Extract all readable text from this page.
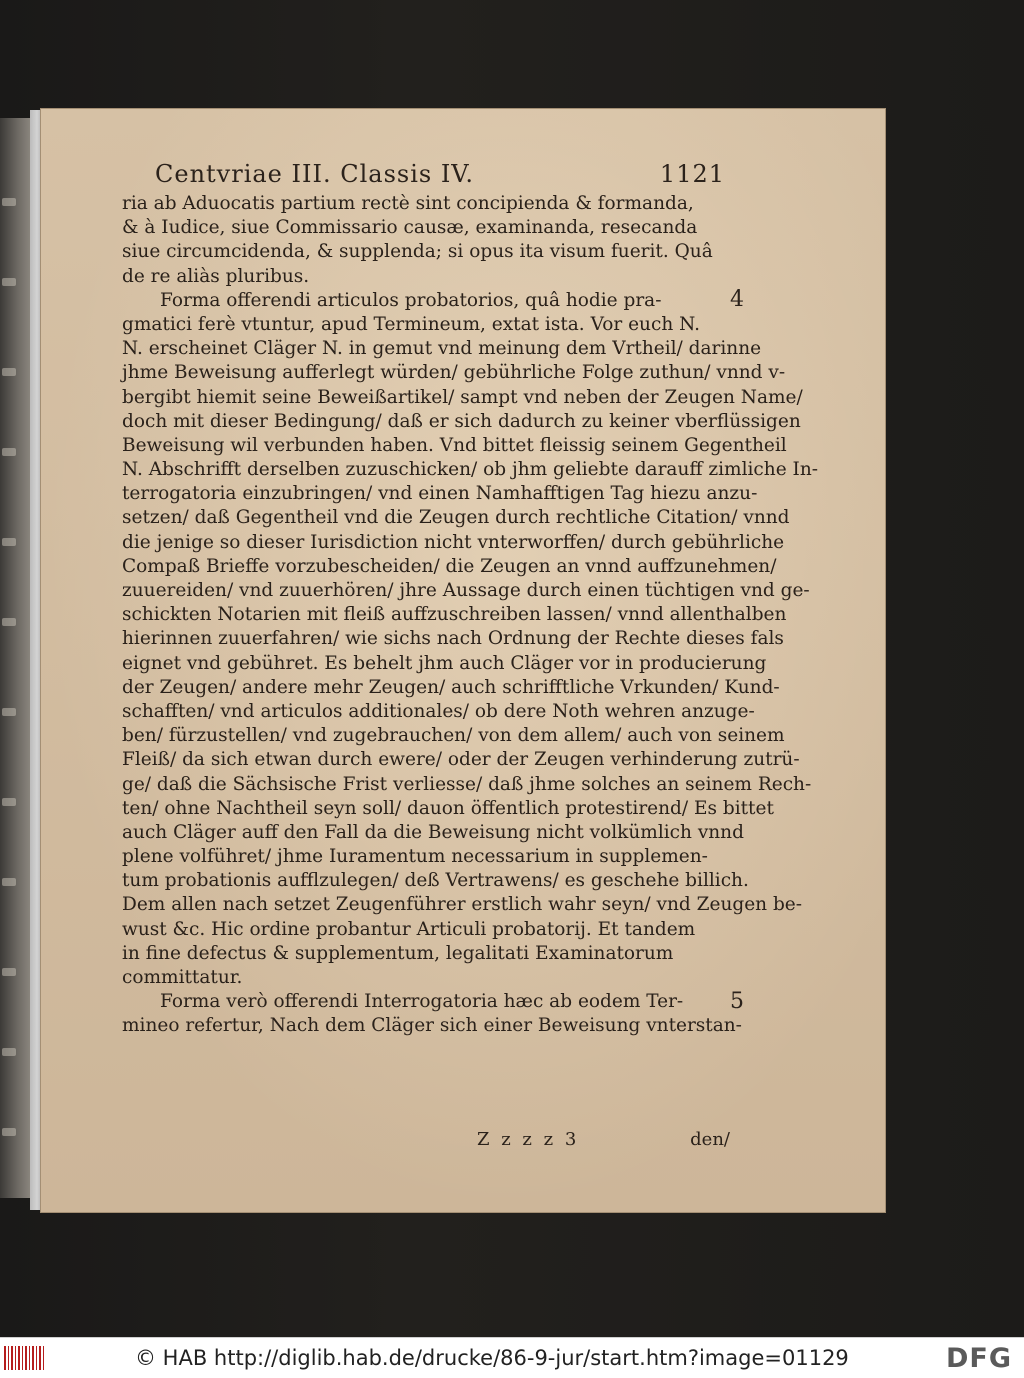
Centvriae III. Classis IV.	1121
ria ab Aduocatis partium rectè sint concipienda & formanda,
& à Iudice, siue Commissario causæ, examinanda, resecanda
siue circumcidenda, & supplenda; si opus ita visum fuerit. Quâ
de re aliàs pluribus.
Forma offerendi articulos probatorios, quâ hodie pra-
gmatici ferè vtuntur, apud Termineum, extat ista. Vor euch N.
N. erscheinet Cläger N. in gemut vnd meinung dem Vrtheil/ darinne
jhme Beweisung aufferlegt würden/ gebührliche Folge zuthun/ vnnd v-
bergibt hiemit seine Beweißartikel/ sampt vnd neben der Zeugen Name/
doch mit dieser Bedingung/ daß er sich dadurch zu keiner vberflüssigen
Beweisung wil verbunden haben. Vnd bittet fleissig seinem Gegentheil
N. Abschrifft derselben zuzuschicken/ ob jhm geliebte darauff zimliche In-
terrogatoria einzubringen/ vnd einen Namhafftigen Tag hiezu anzu-
setzen/ daß Gegentheil vnd die Zeugen durch rechtliche Citation/ vnnd
die jenige so dieser Iurisdiction nicht vnterworffen/ durch gebührliche
Compaß Brieffe vorzubescheiden/ die Zeugen an vnnd auffzunehmen/
zuuereiden/ vnd zuuerhören/ jhre Aussage durch einen tüchtigen vnd ge-
schickten Notarien mit fleiß auffzuschreiben lassen/ vnnd allenthalben
hierinnen zuuerfahren/ wie sichs nach Ordnung der Rechte dieses fals
eignet vnd gebühret. Es behelt jhm auch Cläger vor in producierung
der Zeugen/ andere mehr Zeugen/ auch schrifftliche Vrkunden/ Kund-
schafften/ vnd articulos additionales/ ob dere Noth wehren anzuge-
ben/ fürzustellen/ vnd zugebrauchen/ von dem allem/ auch von seinem
Fleiß/ da sich etwan durch ewere/ oder der Zeugen verhinderung zutrü-
ge/ daß die Sächsische Frist verliesse/ daß jhme solches an seinem Rech-
ten/ ohne Nachtheil seyn soll/ dauon öffentlich protestirend/ Es bittet
auch Cläger auff den Fall da die Beweisung nicht volkümlich vnnd
plene volführet/ jhme Iuramentum necessarium in supplemen-
tum probationis aufflzulegen/ deß Vertrawens/ es geschehe billich.
Dem allen nach setzet Zeugenführer erstlich wahr seyn/ vnd Zeugen be-
wust &c. Hic ordine probantur Articuli probatorij. Et tandem
in fine defectus & supplementum, legalitati Examinatorum
committatur.
Forma verò offerendi Interrogatoria hæc ab eodem Ter-
mineo refertur, Nach dem Cläger sich einer Beweisung vnterstan-
4
5
Z z z z 3	den/
© HAB http://diglib.hab.de/drucke/86-9-jur/start.htm?image=01129	DFG
